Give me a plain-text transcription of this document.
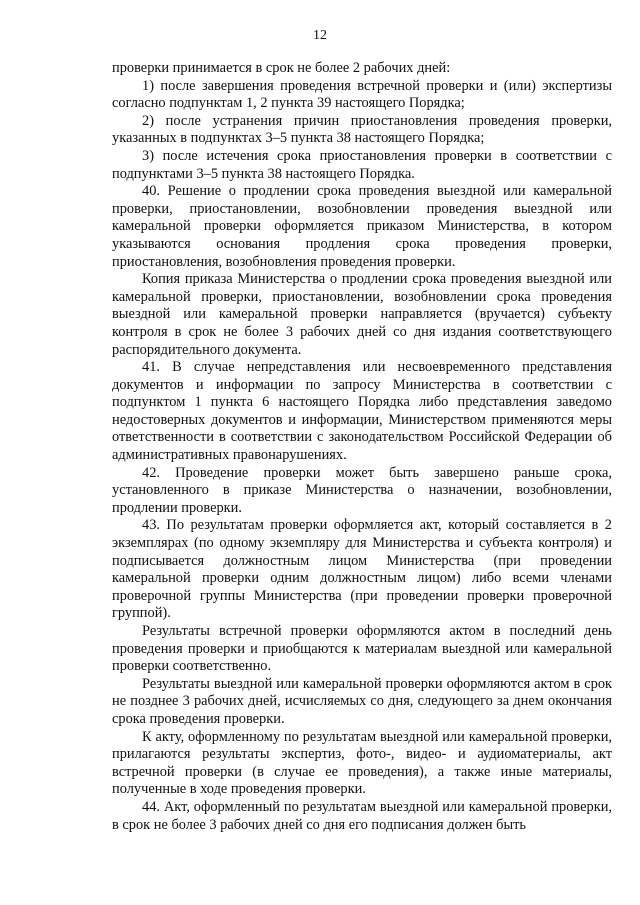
12

проверки принимается в срок не более 2 рабочих дней:

1) после завершения проведения встречной проверки и (или) экспертизы согласно подпунктам 1, 2 пункта 39 настоящего Порядка;

2) после устранения причин приостановления проведения проверки, указанных в подпунктах 3–5 пункта 38 настоящего Порядка;

3) после истечения срока приостановления проверки в соответствии с подпунктами 3–5 пункта 38 настоящего Порядка.

40. Решение о продлении срока проведения выездной или камеральной проверки, приостановлении, возобновлении проведения выездной или камеральной проверки оформляется приказом Министерства, в котором указываются основания продления срока проведения проверки, приостановления, возобновления проведения проверки.

Копия приказа Министерства о продлении срока проведения выездной или камеральной проверки, приостановлении, возобновлении срока проведения выездной или камеральной проверки направляется (вручается) субъекту контроля в срок не более 3 рабочих дней со дня издания соответствующего распорядительного документа.

41. В случае непредставления или несвоевременного представления документов и информации по запросу Министерства в соответствии с подпунктом 1 пункта 6 настоящего Порядка либо представления заведомо недостоверных документов и информации, Министерством применяются меры ответственности в соответствии с законодательством Российской Федерации об административных правонарушениях.

42. Проведение проверки может быть завершено раньше срока, установленного в приказе Министерства о назначении, возобновлении, продлении проверки.

43. По результатам проверки оформляется акт, который составляется в 2 экземплярах (по одному экземпляру для Министерства и субъекта контроля) и подписывается должностным лицом Министерства (при проведении камеральной проверки одним должностным лицом) либо всеми членами проверочной группы Министерства (при проведении проверки проверочной группой).

Результаты встречной проверки оформляются актом в последний день проведения проверки и приобщаются к материалам выездной или камеральной проверки соответственно.

Результаты выездной или камеральной проверки оформляются актом в срок не позднее 3 рабочих дней, исчисляемых со дня, следующего за днем окончания срока проведения проверки.

К акту, оформленному по результатам выездной или камеральной проверки, прилагаются результаты экспертиз, фото-, видео- и аудиоматериалы, акт встречной проверки (в случае ее проведения), а также иные материалы, полученные в ходе проведения проверки.

44. Акт, оформленный по результатам выездной или камеральной проверки, в срок не более 3 рабочих дней со дня его подписания должен быть
